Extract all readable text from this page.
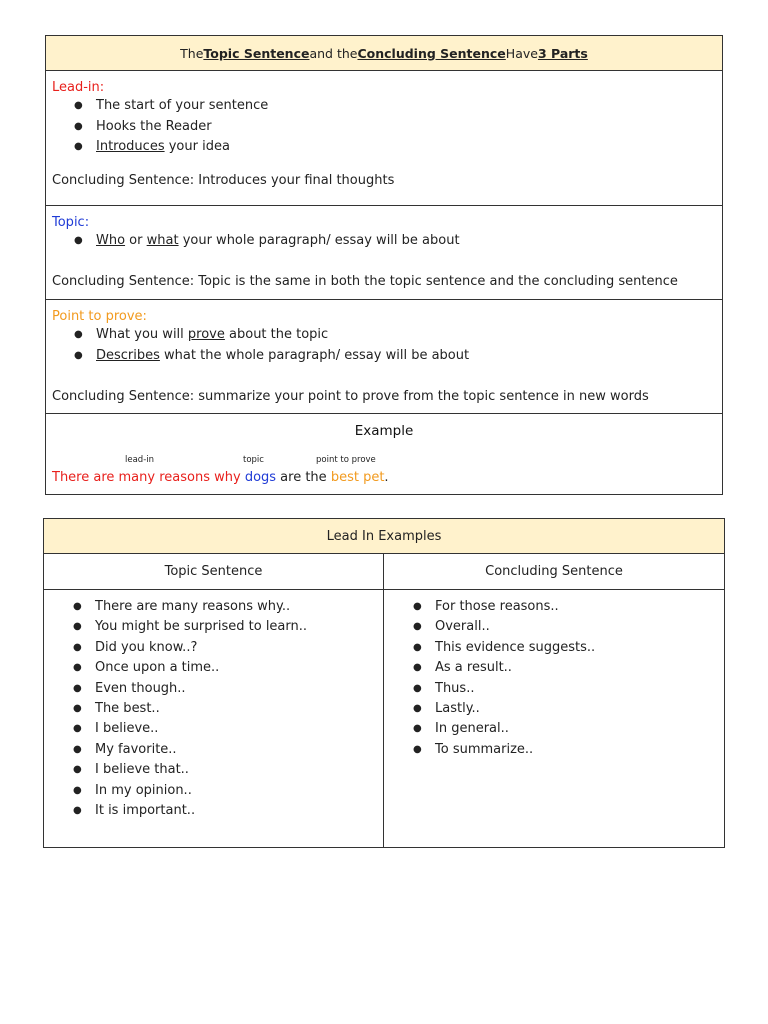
The Topic Sentence and the Concluding Sentence Have 3 Parts
Lead-in:
● The start of your sentence
● Hooks the Reader
● Introduces your idea
Concluding Sentence: Introduces your final thoughts
Topic:
● Who or what your whole paragraph/ essay will be about
Concluding Sentence: Topic is the same in both the topic sentence and the concluding sentence
Point to prove:
● What you will prove about the topic
● Describes what the whole paragraph/ essay will be about
Concluding Sentence: summarize your point to prove from the topic sentence in new words
Example
lead-in	topic	point to prove
There are many reasons why dogs are the best pet.
Lead In Examples
Topic Sentence
● There are many reasons why..
● You might be surprised to learn..
● Did you know..?
● Once upon a time..
● Even though..
● The best..
● I believe..
● My favorite..
● I believe that..
● In my opinion..
● It is important..
Concluding Sentence
● For those reasons..
● Overall..
● This evidence suggests..
● As a result..
● Thus..
● Lastly..
● In general..
● To summarize..
